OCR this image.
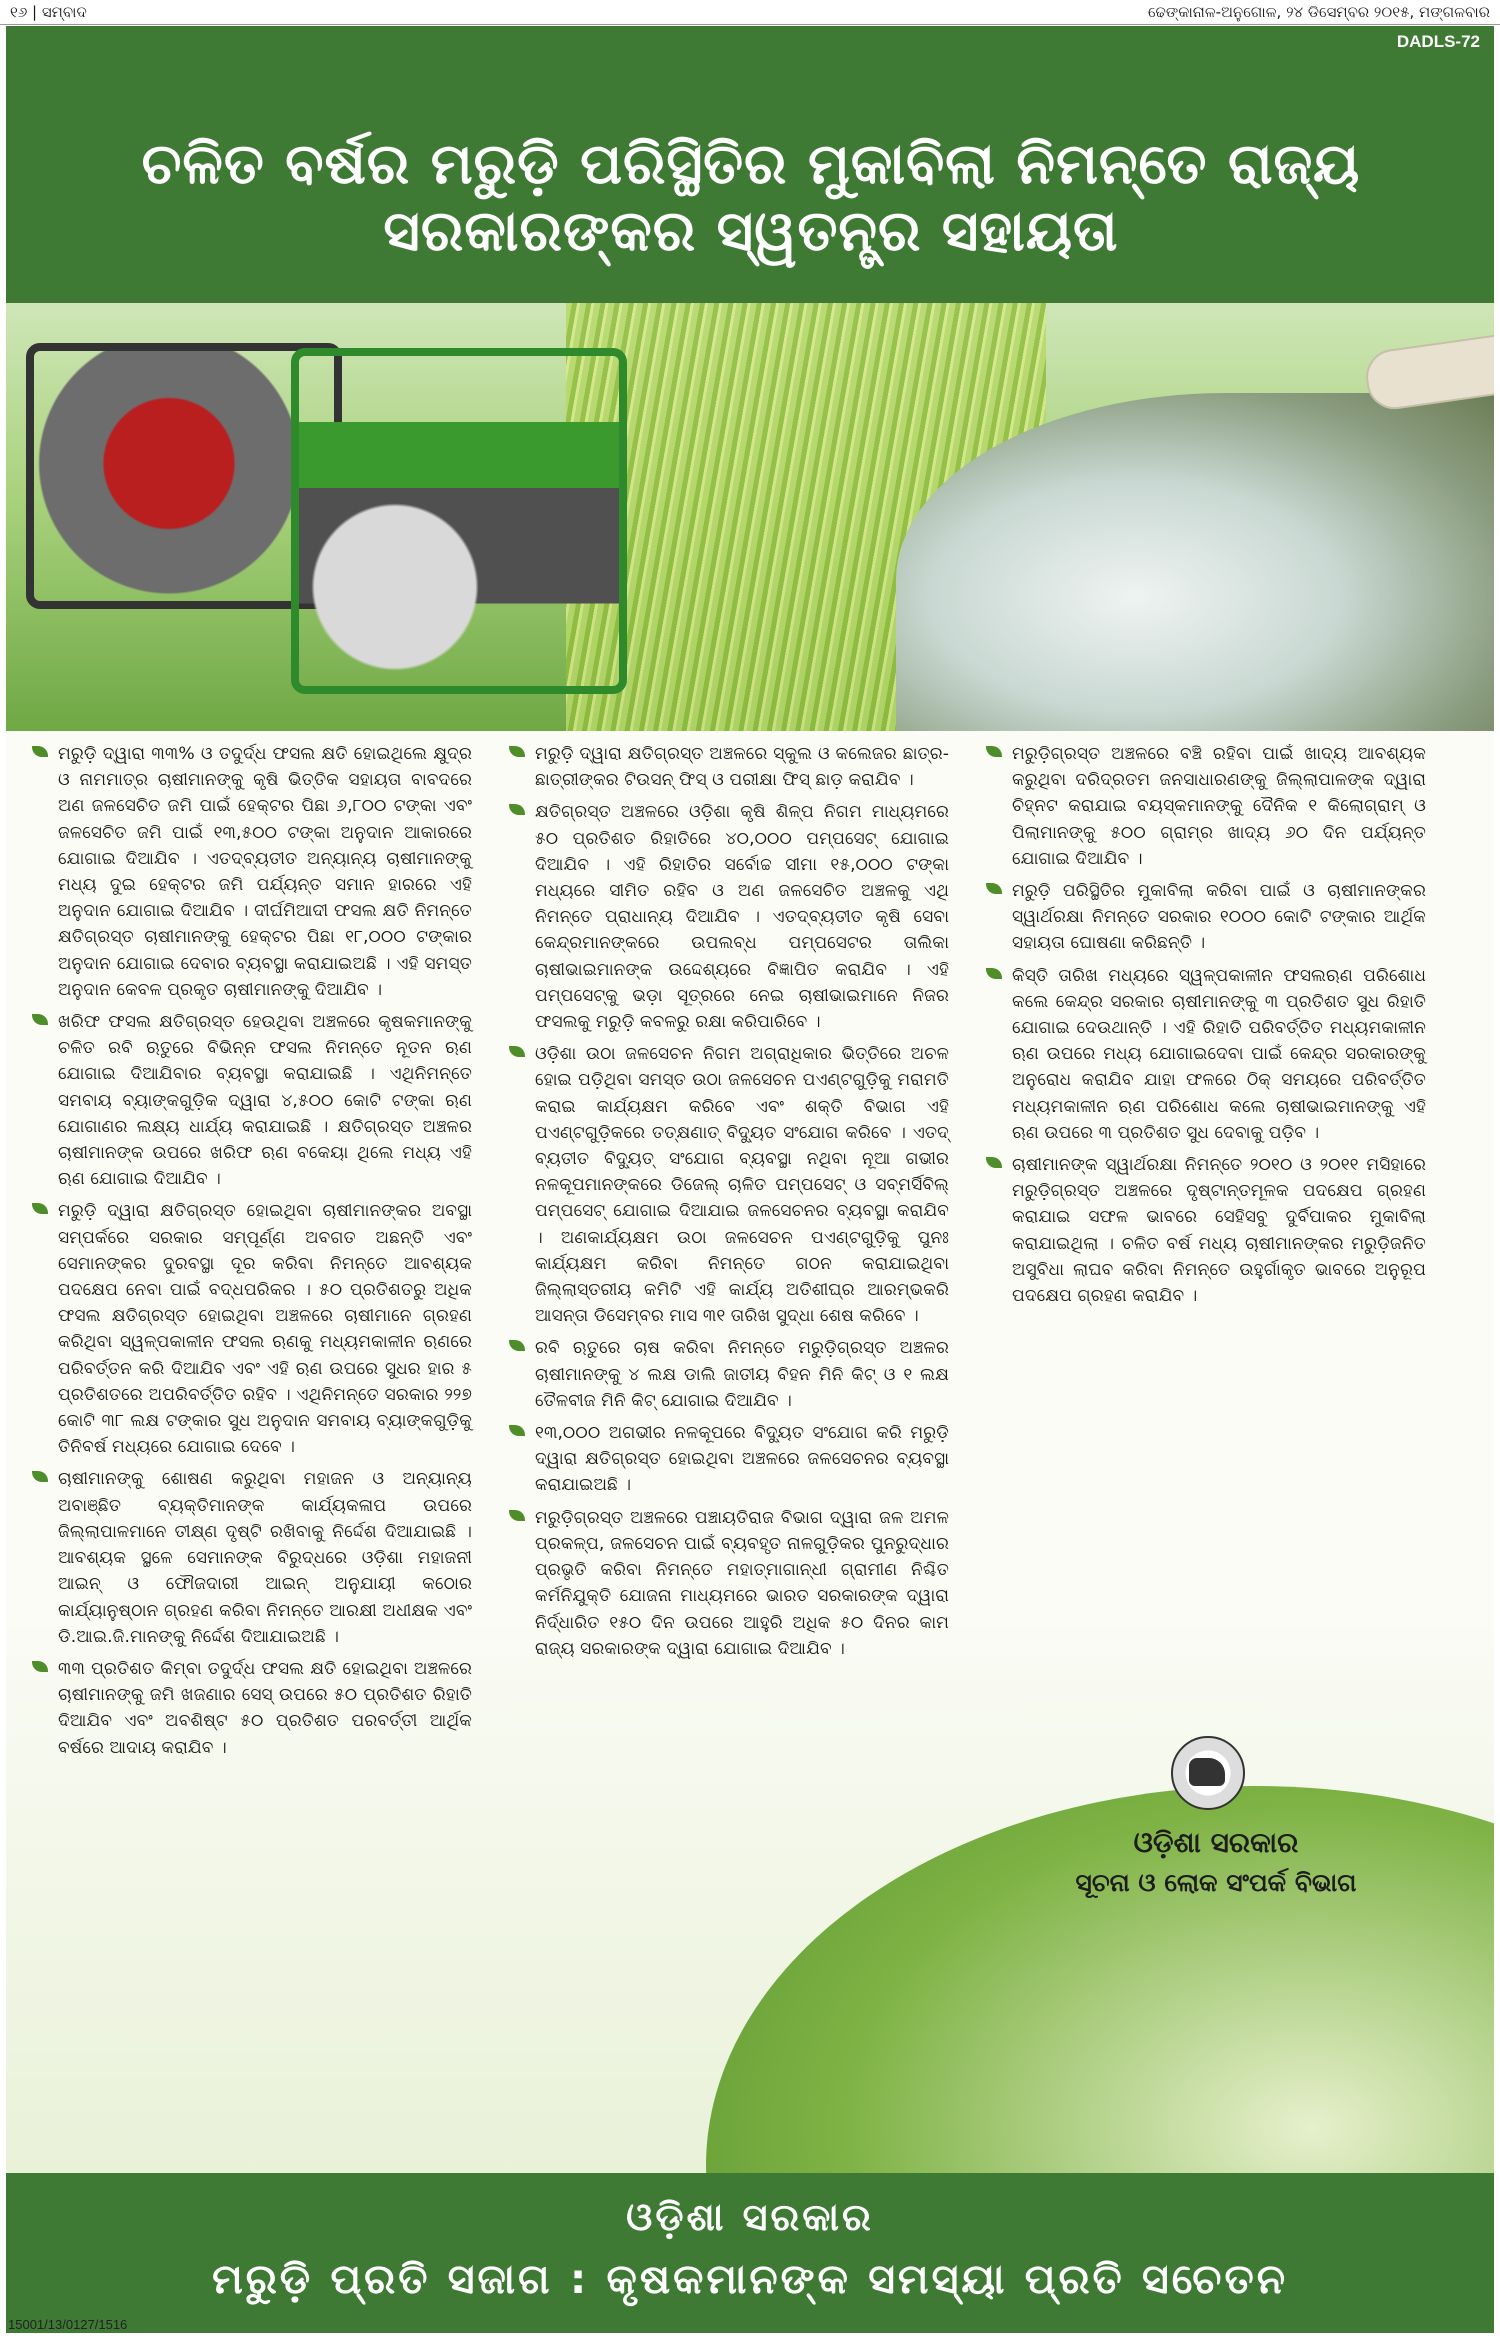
୧୬ | ସମ୍ବାଦ	ଢେଙ୍କାନାଳ-ଅନୁଗୋଳ, ୨୪ ଡିସେମ୍ବର ୨୦୧୫, ମଙ୍ଗଳବାର
DADLS-72
ଚଳିତ ବର୍ଷର ମରୁଡ଼ି ପରିସ୍ଥିତିର ମୁକାବିଲା ନିମନ୍ତେ ରାଜ୍ୟ ସରକାରଙ୍କର ସ୍ୱତନ୍ତ୍ର ସହାୟତା
ମରୁଡ଼ି ଦ୍ୱାରା ୩୩% ଓ ତଦୁର୍ଦ୍ଧ ଫସଲ କ୍ଷତି ହୋଇଥିଲେ କ୍ଷୁଦ୍ର ଓ ନାମମାତ୍ର ଚାଷୀମାନଙ୍କୁ କୃଷି ଭିତ୍ତିକ ସହାୟତା ବାବଦରେ ଅଣ ଜଳସେଚିତ ଜମି ପାଇଁ ହେକ୍ଟର ପିଛା ୬,୮୦୦ ଟଙ୍କା ଏବଂ ଜଳସେଚିତ ଜମି ପାଇଁ ୧୩,୫୦୦ ଟଙ୍କା ଅନୁଦାନ ଆକାରରେ ଯୋଗାଇ ଦିଆଯିବ । ଏତଦ୍‌ବ୍ୟତୀତ ଅନ୍ୟାନ୍ୟ ଚାଷୀମାନଙ୍କୁ ମଧ୍ୟ ଦୁଇ ହେକ୍ଟର ଜମି ପର୍ଯ୍ୟନ୍ତ ସମାନ ହାରରେ ଏହି ଅନୁଦାନ ଯୋଗାଇ ଦିଆଯିବ । ଦୀର୍ଘମିଆଦୀ ଫସଲ କ୍ଷତି ନିମନ୍ତେ କ୍ଷତିଗ୍ରସ୍ତ ଚାଷୀମାନଙ୍କୁ ହେକ୍ଟର ପିଛା ୧୮,୦୦୦ ଟଙ୍କାର ଅନୁଦାନ ଯୋଗାଇ ଦେବାର ବ୍ୟବସ୍ଥା କରାଯାଇଅଛି । ଏହି ସମସ୍ତ ଅନୁଦାନ କେବଳ ପ୍ରକୃତ ଚାଷୀମାନଙ୍କୁ ଦିଆଯିବ ।
ଖରିଫ ଫସଲ କ୍ଷତିଗ୍ରସ୍ତ ହେଉଥିବା ଅଞ୍ଚଳରେ କୃଷକମାନଙ୍କୁ ଚଳିତ ରବି ଋତୁରେ ବିଭିନ୍ନ ଫସଲ ନିମନ୍ତେ ନୂତନ ଋଣ ଯୋଗାଇ ଦିଆଯିବାର ବ୍ୟବସ୍ଥା କରାଯାଇଛି । ଏଥିନିମନ୍ତେ ସମବାୟ ବ୍ୟାଙ୍କଗୁଡ଼ିକ ଦ୍ୱାରା ୪,୫୦୦ କୋଟି ଟଙ୍କା ଋଣ ଯୋଗାଣର ଲକ୍ଷ୍ୟ ଧାର୍ଯ୍ୟ କରାଯାଇଛି । କ୍ଷତିଗ୍ରସ୍ତ ଅଞ୍ଚଳର ଚାଷୀମାନଙ୍କ ଉପରେ ଖରିଫ ଋଣ ବକେୟା ଥିଲେ ମଧ୍ୟ ଏହି ଋଣ ଯୋଗାଇ ଦିଆଯିବ ।
ମରୁଡ଼ି ଦ୍ୱାରା କ୍ଷତିଗ୍ରସ୍ତ ହୋଇଥିବା ଚାଷୀମାନଙ୍କର ଅବସ୍ଥା ସମ୍ପର୍କରେ ସରକାର ସମ୍ପୂର୍ଣ୍ଣ ଅବଗତ ଅଛନ୍ତି ଏବଂ ସେମାନଙ୍କର ଦୁରବସ୍ଥା ଦୂର କରିବା ନିମନ୍ତେ ଆବଶ୍ୟକ ପଦକ୍ଷେପ ନେବା ପାଇଁ ବଦ୍ଧପରିକର । ୫୦ ପ୍ରତିଶତରୁ ଅଧିକ ଫସଲ କ୍ଷତିଗ୍ରସ୍ତ ହୋଇଥିବା ଅଞ୍ଚଳରେ ଚାଷୀମାନେ ଗ୍ରହଣ କରିଥିବା ସ୍ୱଳ୍ପକାଳୀନ ଫସଲ ଋଣକୁ ମଧ୍ୟମକାଳୀନ ଋଣରେ ପରିବର୍ତ୍ତନ କରି ଦିଆଯିବ ଏବଂ ଏହି ଋଣ ଉପରେ ସୁଧର ହାର ୫ ପ୍ରତିଶତରେ ଅପରିବର୍ତ୍ତିତ ରହିବ । ଏଥିନିମନ୍ତେ ସରକାର ୨୨୭ କୋଟି ୩୮ ଲକ୍ଷ ଟଙ୍କାର ସୁଧ ଅନୁଦାନ ସମବାୟ ବ୍ୟାଙ୍କଗୁଡ଼ିକୁ ତିନିବର୍ଷ ମଧ୍ୟରେ ଯୋଗାଇ ଦେବେ ।
ଚାଷୀମାନଙ୍କୁ ଶୋଷଣ କରୁଥିବା ମହାଜନ ଓ ଅନ୍ୟାନ୍ୟ ଅବାଞ୍ଛିତ ବ୍ୟକ୍ତିମାନଙ୍କ କାର୍ଯ୍ୟକଳାପ ଉପରେ ଜିଲ୍ଲାପାଳମାନେ ତୀକ୍ଷ୍ଣ ଦୃଷ୍ଟି ରଖିବାକୁ ନିର୍ଦ୍ଦେଶ ଦିଆଯାଇଛି । ଆବଶ୍ୟକ ସ୍ଥଳେ ସେମାନଙ୍କ ବିରୁଦ୍ଧରେ ଓଡ଼ିଶା ମହାଜନୀ ଆଇନ୍ ଓ ଫୌଜଦାରୀ ଆଇନ୍ ଅନୁଯାୟୀ କଠୋର କାର୍ଯ୍ୟାନୁଷ୍ଠାନ ଗ୍ରହଣ କରିବା ନିମନ୍ତେ ଆରକ୍ଷୀ ଅଧୀକ୍ଷକ ଏବଂ ଡି.ଆଇ.ଜି.ମାନଙ୍କୁ ନିର୍ଦ୍ଦେଶ ଦିଆଯାଇଅଛି ।
୩୩ ପ୍ରତିଶତ କିମ୍ବା ତଦୁର୍ଦ୍ଧ ଫସଲ କ୍ଷତି ହୋଇଥିବା ଅଞ୍ଚଳରେ ଚାଷୀମାନଙ୍କୁ ଜମି ଖଜଣାର ସେସ୍ ଉପରେ ୫୦ ପ୍ରତିଶତ ରିହାତି ଦିଆଯିବ ଏବଂ ଅବଶିଷ୍ଟ ୫୦ ପ୍ରତିଶତ ପରବର୍ତ୍ତୀ ଆର୍ଥିକ ବର୍ଷରେ ଆଦାୟ କରାଯିବ ।
ମରୁଡ଼ି ଦ୍ୱାରା କ୍ଷତିଗ୍ରସ୍ତ ଅଞ୍ଚଳରେ ସ୍କୁଲ ଓ କଲେଜର ଛାତ୍ର-ଛାତ୍ରୀଙ୍କର ଟିଉସନ୍ ଫିସ୍ ଓ ପରୀକ୍ଷା ଫିସ୍ ଛାଡ଼ କରାଯିବ ।
କ୍ଷତିଗ୍ରସ୍ତ ଅଞ୍ଚଳରେ ଓଡ଼ିଶା କୃଷି ଶିଳ୍ପ ନିଗମ ମାଧ୍ୟମରେ ୫୦ ପ୍ରତିଶତ ରିହାତିରେ ୪୦,୦୦୦ ପମ୍ପସେଟ୍ ଯୋଗାଇ ଦିଆଯିବ । ଏହି ରିହାତିର ସର୍ବୋଚ୍ଚ ସୀମା ୧୫,୦୦୦ ଟଙ୍କା ମଧ୍ୟରେ ସୀମିତ ରହିବ ଓ ଅଣ ଜଳସେଚିତ ଅଞ୍ଚଳକୁ ଏଥି ନିମନ୍ତେ ପ୍ରାଧାନ୍ୟ ଦିଆଯିବ । ଏତଦ୍‌ବ୍ୟତୀତ କୃଷି ସେବା କେନ୍ଦ୍ରମାନଙ୍କରେ ଉପଲବ୍ଧ ପମ୍ପସେଟର ତାଲିକା ଚାଷୀଭାଇମାନଙ୍କ ଉଦ୍ଦେଶ୍ୟରେ ବିଜ୍ଞାପିତ କରାଯିବ । ଏହି ପମ୍ପସେଟ୍‌କୁ ଭଡ଼ା ସୂତ୍ରରେ ନେଇ ଚାଷୀଭାଇମାନେ ନିଜର ଫସଲକୁ ମରୁଡ଼ି କବଳରୁ ରକ୍ଷା କରିପାରିବେ ।
ଓଡ଼ିଶା ଉଠା ଜଳସେଚନ ନିଗମ ଅଗ୍ରାଧିକାର ଭିତ୍ତିରେ ଅଚଳ ହୋଇ ପଡ଼ିଥିବା ସମସ୍ତ ଉଠା ଜଳସେଚନ ପଏଣ୍ଟଗୁଡ଼ିକୁ ମରାମତି କରାଇ କାର୍ଯ୍ୟକ୍ଷମ କରିବେ ଏବଂ ଶକ୍ତି ବିଭାଗ ଏହି ପଏଣ୍ଟଗୁଡ଼ିକରେ ତତ୍‌କ୍ଷଣାତ୍ ବିଦ୍ୟୁତ ସଂଯୋଗ କରିବେ । ଏତଦ୍ ବ୍ୟତୀତ ବିଦ୍ୟୁତ୍ ସଂଯୋଗ ବ୍ୟବସ୍ଥା ନଥିବା ନୂଆ ଗଭୀର ନଳକୂପମାନଙ୍କରେ ଡିଜେଲ୍ ଚାଳିତ ପମ୍ପସେଟ୍ ଓ ସବ୍‌ମର୍ସିବିଲ୍ ପମ୍ପସେଟ୍ ଯୋଗାଇ ଦିଆଯାଇ ଜଳସେଚନର ବ୍ୟବସ୍ଥା କରାଯିବ । ଅଣକାର୍ଯ୍ୟକ୍ଷମ ଉଠା ଜଳସେଚନ ପଏଣ୍ଟଗୁଡ଼ିକୁ ପୁନଃ କାର୍ଯ୍ୟକ୍ଷମ କରିବା ନିମନ୍ତେ ଗଠନ କରାଯାଇଥିବା ଜିଲ୍ଲାସ୍ତରୀୟ କମିଟି ଏହି କାର୍ଯ୍ୟ ଅତିଶୀଘ୍ର ଆରମ୍ଭକରି ଆସନ୍ତା ଡିସେମ୍ବର ମାସ ୩୧ ତାରିଖ ସୁଦ୍ଧା ଶେଷ କରିବେ ।
ରବି ଋତୁରେ ଚାଷ କରିବା ନିମନ୍ତେ ମରୁଡ଼ିଗ୍ରସ୍ତ ଅଞ୍ଚଳର ଚାଷୀମାନଙ୍କୁ ୪ ଲକ୍ଷ ଡାଲି ଜାତୀୟ ବିହନ ମିନି କିଟ୍ ଓ ୧ ଲକ୍ଷ ତୈଳବୀଜ ମିନି କିଟ୍ ଯୋଗାଇ ଦିଆଯିବ ।
୧୩,୦୦୦ ଅଗଭୀର ନଳକୂପରେ ବିଦ୍ୟୁତ ସଂଯୋଗ କରି ମରୁଡ଼ି ଦ୍ୱାରା କ୍ଷତିଗ୍ରସ୍ତ ହୋଇଥିବା ଅଞ୍ଚଳରେ ଜଳସେଚନର ବ୍ୟବସ୍ଥା କରାଯାଇଅଛି ।
ମରୁଡ଼ିଗ୍ରସ୍ତ ଅଞ୍ଚଳରେ ପଞ୍ଚାୟତିରାଜ ବିଭାଗ ଦ୍ୱାରା ଜଳ ଅମଳ ପ୍ରକଳ୍ପ, ଜଳସେଚନ ପାଇଁ ବ୍ୟବହୃତ ନାଳଗୁଡ଼ିକର ପୁନରୁଦ୍ଧାର ପ୍ରଭୃତି କରିବା ନିମନ୍ତେ ମହାତ୍ମାଗାନ୍ଧୀ ଗ୍ରାମୀଣ ନିଶ୍ଚିତ କର୍ମନିଯୁକ୍ତି ଯୋଜନା ମାଧ୍ୟମରେ ଭାରତ ସରକାରଙ୍କ ଦ୍ୱାରା ନିର୍ଦ୍ଧାରିତ ୧୫୦ ଦିନ ଉପରେ ଆହୁରି ଅଧିକ ୫୦ ଦିନର କାମ ରାଜ୍ୟ ସରକାରଙ୍କ ଦ୍ୱାରା ଯୋଗାଇ ଦିଆଯିବ ।
ମରୁଡ଼ିଗ୍ରସ୍ତ ଅଞ୍ଚଳରେ ବଞ୍ଚି ରହିବା ପାଇଁ ଖାଦ୍ୟ ଆବଶ୍ୟକ କରୁଥିବା ଦରିଦ୍ରତମ ଜନସାଧାରଣଙ୍କୁ ଜିଲ୍ଲାପାଳଙ୍କ ଦ୍ୱାରା ଚିହ୍ନଟ କରାଯାଇ ବୟସ୍କମାନଙ୍କୁ ଦୈନିକ ୧ କିଲୋଗ୍ରାମ୍ ଓ ପିଲାମାନଙ୍କୁ ୫୦୦ ଗ୍ରାମ୍‌ର ଖାଦ୍ୟ ୬୦ ଦିନ ପର୍ଯ୍ୟନ୍ତ ଯୋଗାଇ ଦିଆଯିବ ।
ମରୁଡ଼ି ପରିସ୍ଥିତିର ମୁକାବିଲା କରିବା ପାଇଁ ଓ ଚାଷୀମାନଙ୍କର ସ୍ୱାର୍ଥରକ୍ଷା ନିମନ୍ତେ ସରକାର ୧୦୦୦ କୋଟି ଟଙ୍କାର ଆର୍ଥିକ ସହାୟତା ଘୋଷଣା କରିଛନ୍ତି ।
କିସ୍ତି ତାରିଖ ମଧ୍ୟରେ ସ୍ୱଳ୍ପକାଳୀନ ଫସଲଋଣ ପରିଶୋଧ କଲେ କେନ୍ଦ୍ର ସରକାର ଚାଷୀମାନଙ୍କୁ ୩ ପ୍ରତିଶତ ସୁଧ ରିହାତି ଯୋଗାଇ ଦେଉଥାନ୍ତି । ଏହି ରିହାତି ପରିବର୍ତ୍ତିତ ମଧ୍ୟମକାଳୀନ ଋଣ ଉପରେ ମଧ୍ୟ ଯୋଗାଇଦେବା ପାଇଁ କେନ୍ଦ୍ର ସରକାରଙ୍କୁ ଅନୁରୋଧ କରାଯିବ ଯାହା ଫଳରେ ଠିକ୍ ସମୟରେ ପରିବର୍ତ୍ତିତ ମଧ୍ୟମକାଳୀନ ଋଣ ପରିଶୋଧ କଲେ ଚାଷୀଭାଇମାନଙ୍କୁ ଏହି ଋଣ ଉପରେ ୩ ପ୍ରତିଶତ ସୁଧ ଦେବାକୁ ପଡ଼ିବ ।
ଚାଷୀମାନଙ୍କ ସ୍ୱାର୍ଥରକ୍ଷା ନିମନ୍ତେ ୨୦୧୦ ଓ ୨୦୧୧ ମସିହାରେ ମରୁଡ଼ିଗ୍ରସ୍ତ ଅଞ୍ଚଳରେ ଦୃଷ୍ଟାନ୍ତମୂଳକ ପଦକ୍ଷେପ ଗ୍ରହଣ କରାଯାଇ ସଫଳ ଭାବରେ ସେହିସବୁ ଦୁର୍ବିପାକର ମୁକାବିଲା କରାଯାଇଥିଲା । ଚଳିତ ବର୍ଷ ମଧ୍ୟ ଚାଷୀମାନଙ୍କର ମରୁଡ଼ିଜନିତ ଅସୁବିଧା ଲାଘବ କରିବା ନିମନ୍ତେ ଉହୁର୍ଗାକୃତ ଭାବରେ ଅନୁରୂପ ପଦକ୍ଷେପ ଗ୍ରହଣ କରାଯିବ ।
ଓଡ଼ିଶା ସରକାର
ସୂଚନା ଓ ଲୋକ ସଂପର୍କ ବିଭାଗ
ଓଡ଼ିଶା ସରକାର
ମରୁଡ଼ି ପ୍ରତି ସଜାଗ : କୃଷକମାନଙ୍କ ସମସ୍ୟା ପ୍ରତି ସଚେତନ
15001/13/0127/1516
